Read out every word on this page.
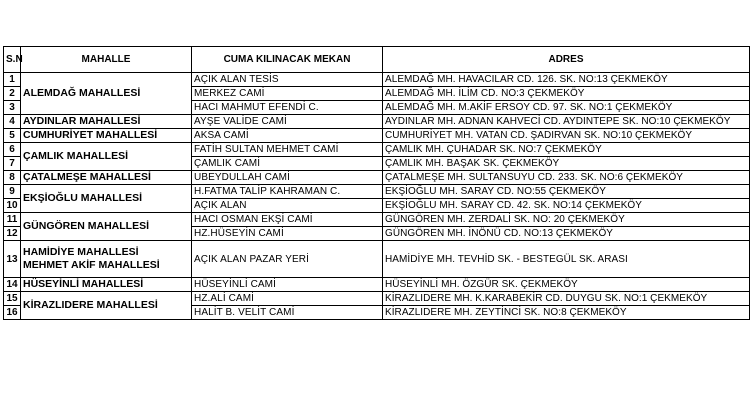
S.N	MAHALLE	CUMA KILINACAK MEKAN	ADRES
1	ALEMDAĞ MAHALLESİ	AÇIK ALAN TESİS	ALEMDAĞ MH. HAVACILAR CD. 126. SK. NO:13 ÇEKMEKÖY
2		MERKEZ CAMİ	ALEMDAĞ MH. İLİM CD. NO:3 ÇEKMEKÖY
3		HACI MAHMUT EFENDİ C.	ALEMDAĞ MH. M.AKİF ERSOY CD. 97. SK. NO:1 ÇEKMEKÖY
4	AYDINLAR MAHALLESİ	AYŞE VALİDE CAMİ	AYDINLAR MH. ADNAN KAHVECİ CD. AYDINTEPE SK. NO:10 ÇEKMEKÖY
5	CUMHURİYET MAHALLESİ	AKSA CAMİ	CUMHURİYET MH. VATAN CD. ŞADIRVAN SK. NO:10 ÇEKMEKÖY
6	ÇAMLIK MAHALLESİ	FATİH SULTAN MEHMET CAMİ	ÇAMLIK MH. ÇUHADAR SK. NO:7 ÇEKMEKÖY
7		ÇAMLIK CAMİ	ÇAMLIK MH. BAŞAK SK. ÇEKMEKÖY
8	ÇATALMEŞE MAHALLESİ	UBEYDULLAH CAMİ	ÇATALMEŞE MH. SULTANSUYU CD. 233. SK. NO:6 ÇEKMEKÖY
9	EKŞİOĞLU MAHALLESİ	H.FATMA TALİP KAHRAMAN C.	EKŞİOĞLU MH. SARAY CD. NO:55 ÇEKMEKÖY
10		AÇIK ALAN	EKŞİOĞLU MH. SARAY CD. 42. SK. NO:14 ÇEKMEKÖY
11	GÜNGÖREN MAHALLESİ	HACI OSMAN EKŞİ CAMİ	GÜNGÖREN MH. ZERDALİ SK. NO: 20 ÇEKMEKÖY
12		HZ.HÜSEYİN CAMİ	GÜNGÖREN MH. İNÖNÜ CD. NO:13 ÇEKMEKÖY
13	HAMİDİYE MAHALLESİ
MEHMET AKİF MAHALLESİ	AÇIK ALAN PAZAR YERİ	HAMİDİYE MH. TEVHİD SK. - BESTEGÜL SK. ARASI
14	HÜSEYİNLİ MAHALLESİ	HÜSEYİNLİ CAMİ	HÜSEYİNLİ MH. ÖZGÜR SK. ÇEKMEKÖY
15	KİRAZLIDERE MAHALLESİ	HZ.ALİ CAMİ	KİRAZLIDERE MH. K.KARABEKİR CD. DUYGU SK. NO:1 ÇEKMEKÖY
16		HALİT B. VELİT CAMİ	KİRAZLIDERE MH. ZEYTİNCİ SK. NO:8 ÇEKMEKÖY
